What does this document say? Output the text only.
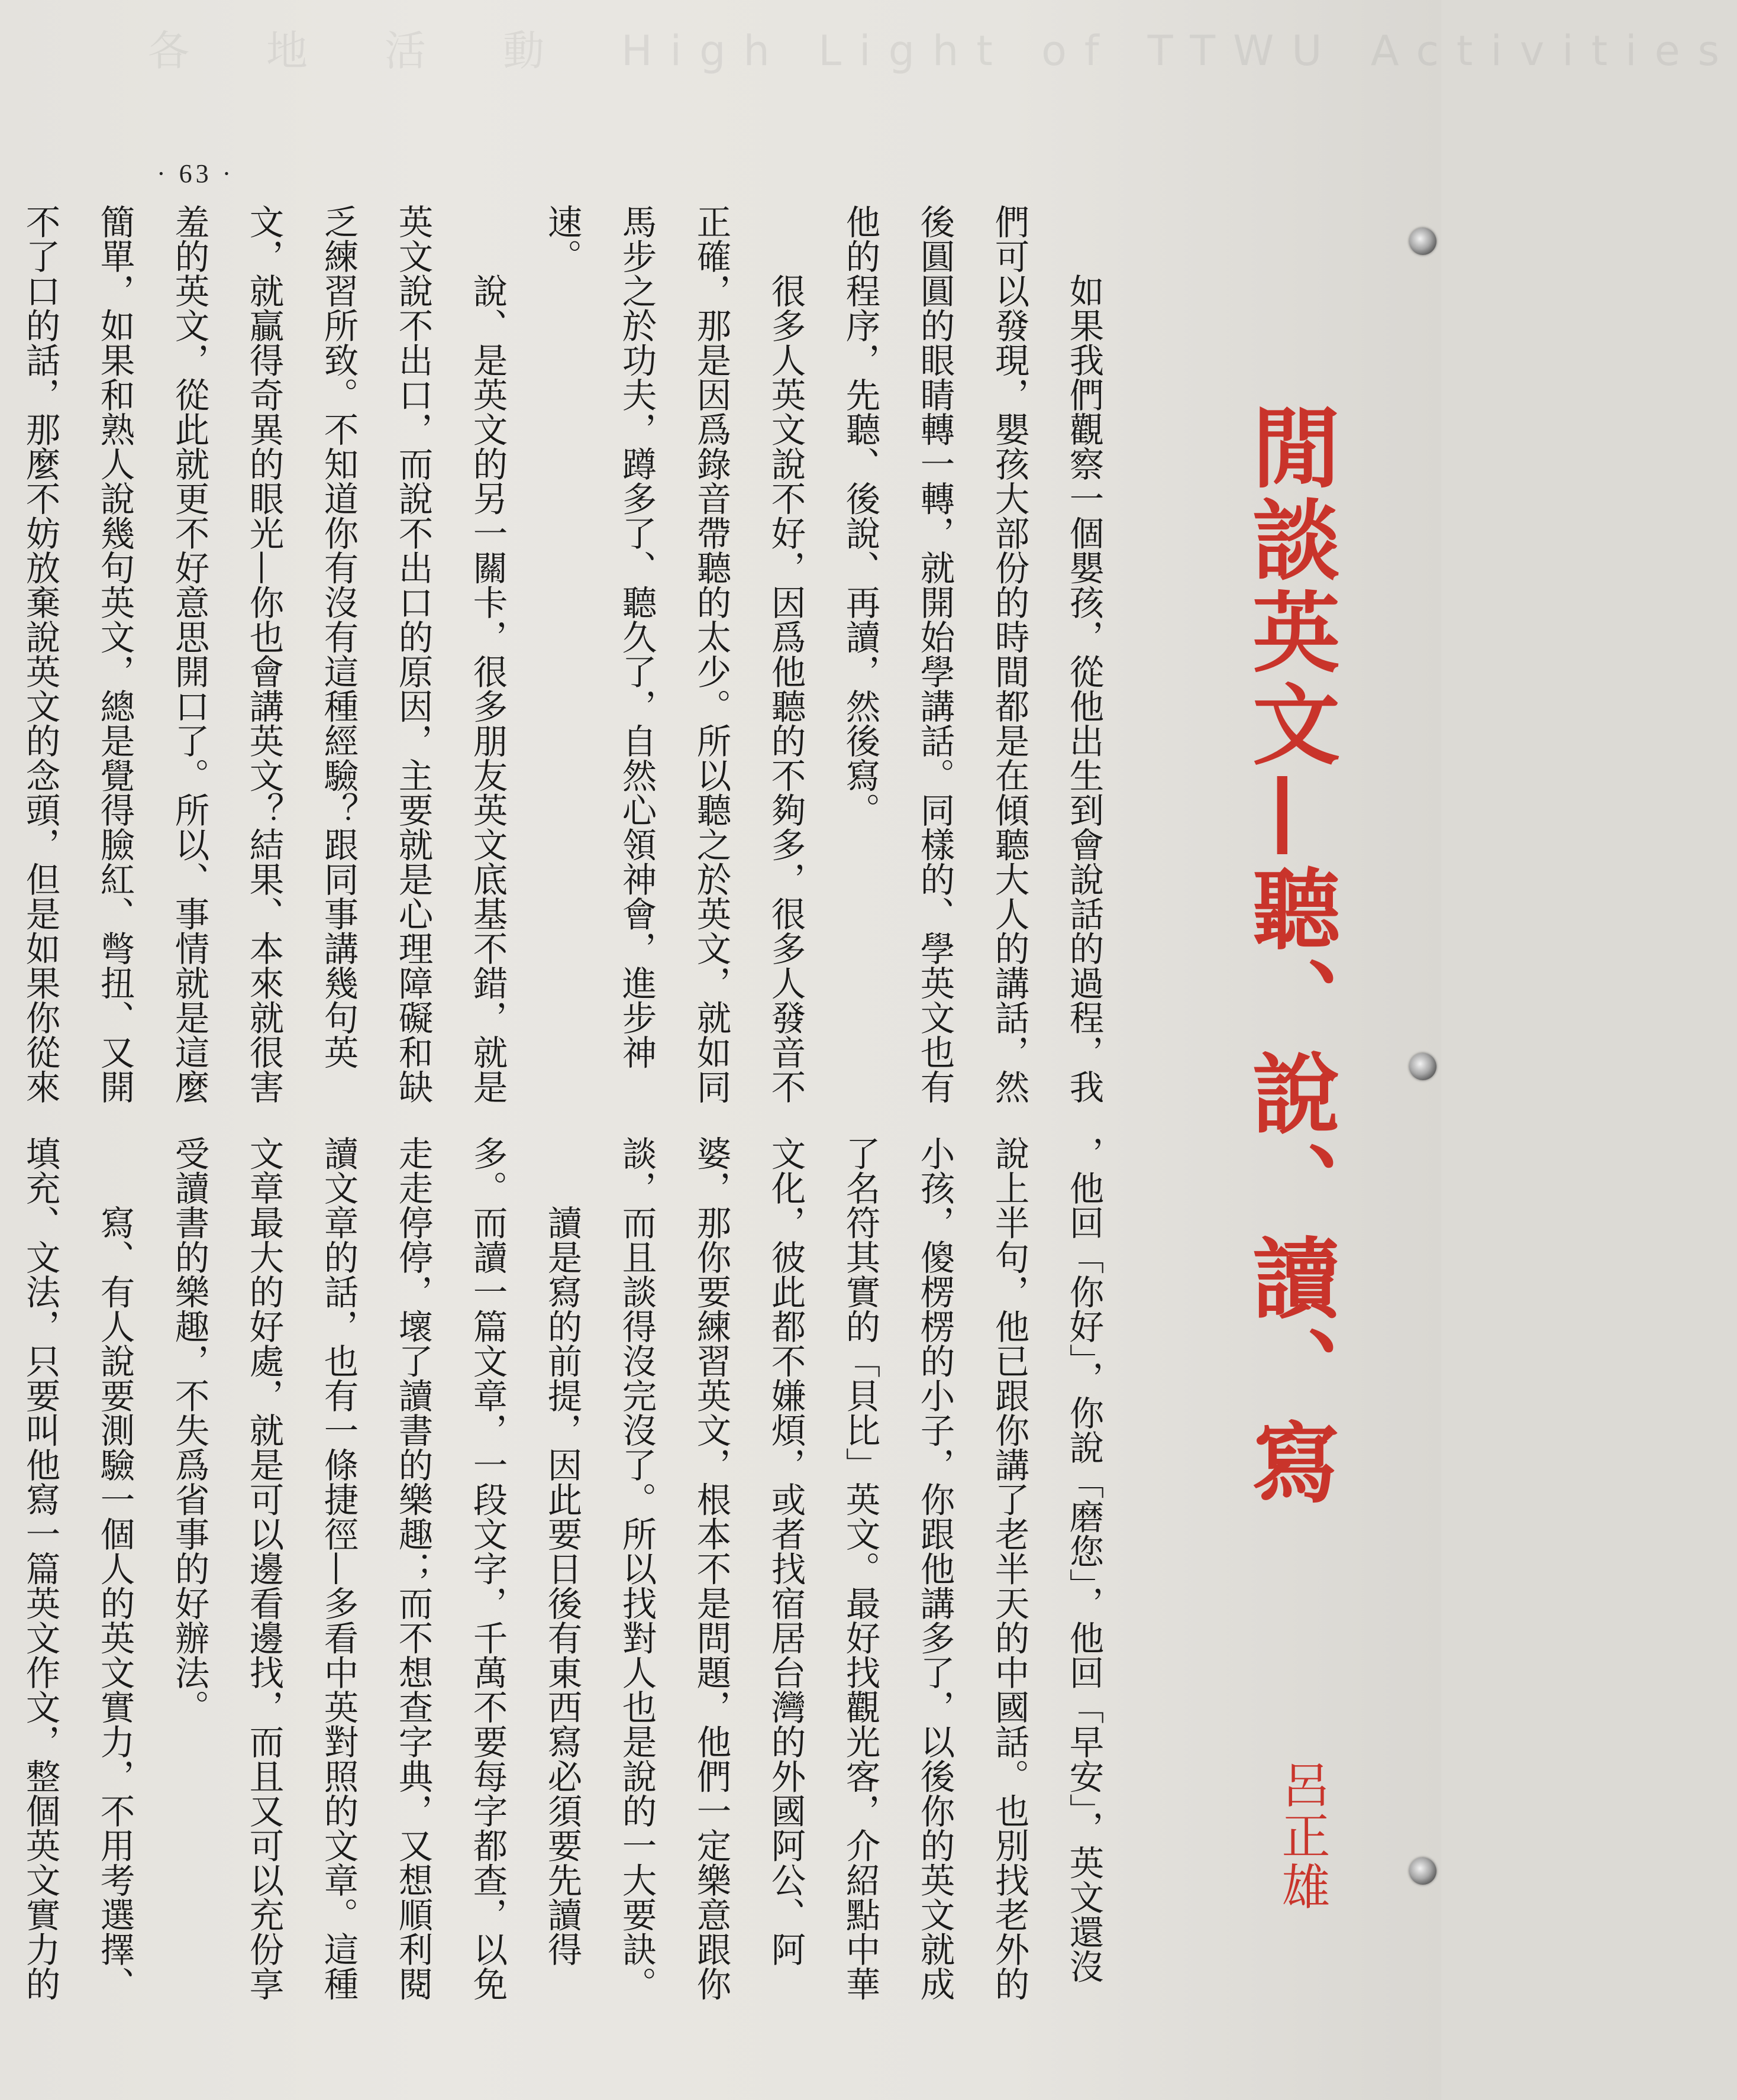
各　地　活　動　High Light of TTWU Activities
· 63 ·
閒談英文—聽、說、讀、寫
呂正雄

如果我們觀察一個嬰孩，從他出生到會說話的過程，我們可以發現，嬰孩大部份的時間都是在傾聽大人的講話，然後圓圓的眼睛轉一轉，就開始學講話。同樣的、學英文也有他的程序，先聽、後說、再讀，然後寫。

很多人英文說不好，因爲他聽的不夠多，很多人發音不正確，那是因爲錄音帶聽的太少。所以聽之於英文，就如同馬步之於功夫，蹲多了、聽久了，自然心領神會，進步神速。

說、是英文的另一關卡，很多朋友英文底基不錯，就是英文說不出口，而說不出口的原因，主要就是心理障礙和缺乏練習所致。不知道你有沒有這種經驗？跟同事講幾句英文，就贏得奇異的眼光—你也會講英文？結果、本來就很害羞的英文，從此就更不好意思開口了。所以、事情就是這麼簡單，如果和熟人說幾句英文，總是覺得臉紅、彆扭、又開不了口的話，那麼不妨放棄說英文的念頭，但是如果你從來

，他回「你好」，你說「磨您」，他回「早安」，英文還沒說上半句，他已跟你講了老半天的中國話。也別找老外的小孩，傻楞楞的小子，你跟他講多了，以後你的英文就成了名符其實的「貝比」英文。最好找觀光客，介紹點中華文化，彼此都不嫌煩，或者找宿居台灣的外國阿公、阿婆，那你要練習英文，根本不是問題，他們一定樂意跟你談，而且談得沒完沒了。所以找對人也是說的一大要訣。

讀是寫的前提，因此要日後有東西寫必須要先讀得多。而讀一篇文章，一段文字，千萬不要每字都查，以免走走停停，壞了讀書的樂趣；而不想查字典，又想順利閱讀文章的話，也有一條捷徑—多看中英對照的文章。這種文章最大的好處，就是可以邊看邊找，而且又可以充份享受讀書的樂趣，不失爲省事的好辦法。

寫、有人說要測驗一個人的英文實力，不用考選擇、填充、文法，只要叫他寫一篇英文作文，整個英文實力的
